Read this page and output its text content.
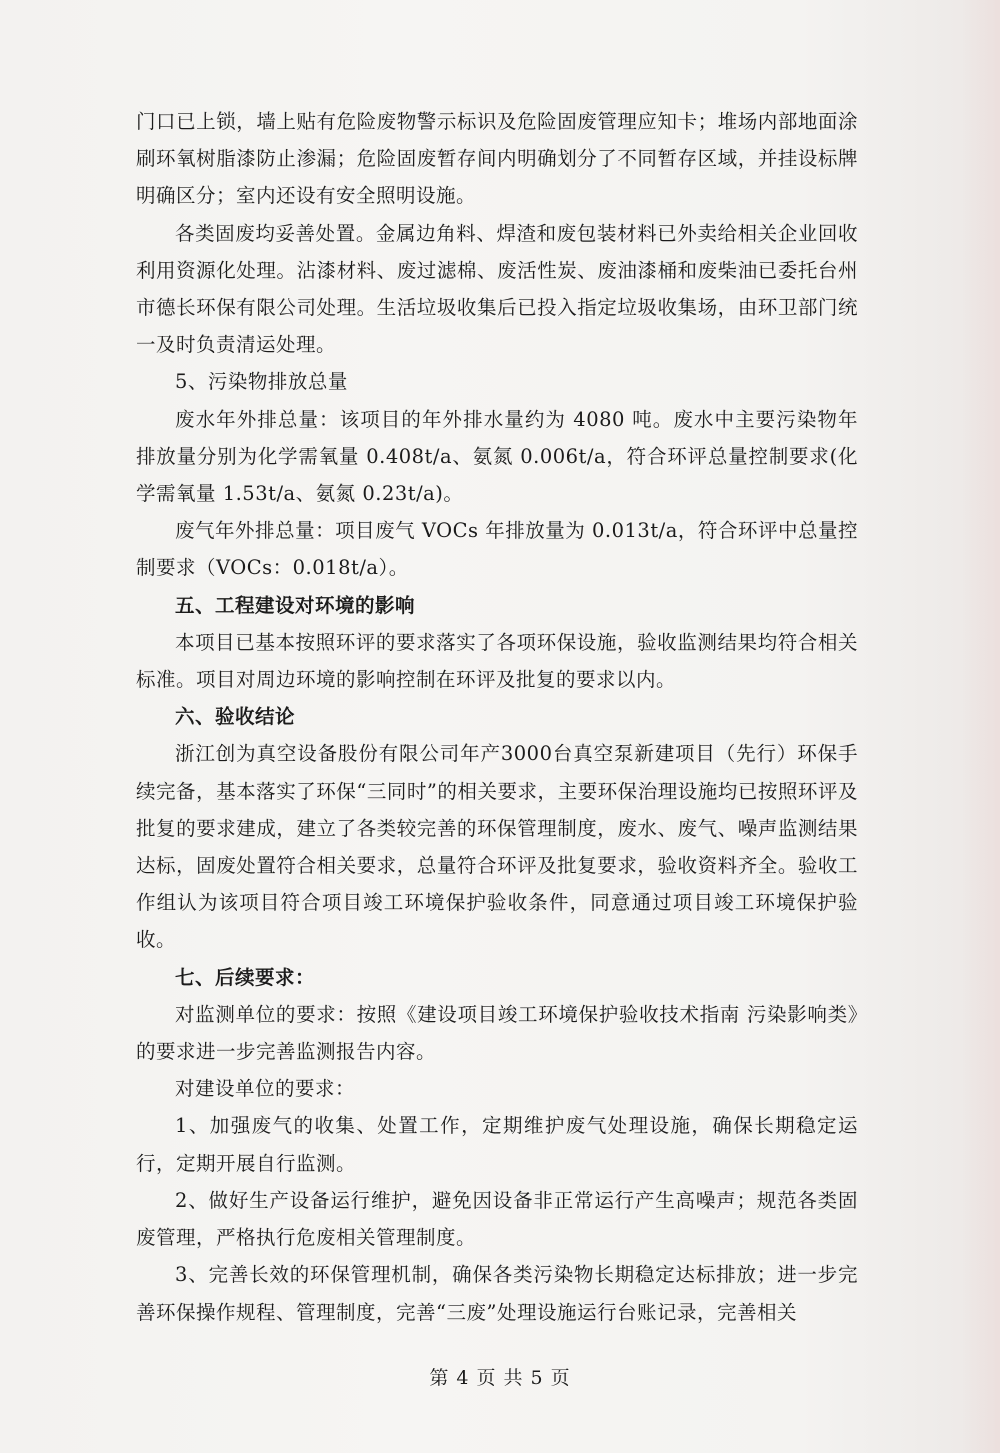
门口已上锁，墙上贴有危险废物警示标识及危险固废管理应知卡；堆场内部地面涂刷环氧树脂漆防止渗漏；危险固废暂存间内明确划分了不同暂存区域，并挂设标牌明确区分；室内还设有安全照明设施。

各类固废均妥善处置。金属边角料、焊渣和废包装材料已外卖给相关企业回收利用资源化处理。沾漆材料、废过滤棉、废活性炭、废油漆桶和废柴油已委托台州市德长环保有限公司处理。生活垃圾收集后已投入指定垃圾收集场，由环卫部门统一及时负责清运处理。

5、污染物排放总量

废水年外排总量：该项目的年外排水量约为 4080 吨。废水中主要污染物年排放量分别为化学需氧量 0.408t/a、氨氮 0.006t/a，符合环评总量控制要求(化学需氧量 1.53t/a、氨氮 0.23t/a)。

废气年外排总量：项目废气 VOCs 年排放量为 0.013t/a，符合环评中总量控制要求（VOCs：0.018t/a）。

五、工程建设对环境的影响

本项目已基本按照环评的要求落实了各项环保设施，验收监测结果均符合相关标准。项目对周边环境的影响控制在环评及批复的要求以内。

六、验收结论

浙江创为真空设备股份有限公司年产3000台真空泵新建项目（先行）环保手续完备，基本落实了环保“三同时”的相关要求，主要环保治理设施均已按照环评及批复的要求建成，建立了各类较完善的环保管理制度，废水、废气、噪声监测结果达标，固废处置符合相关要求，总量符合环评及批复要求，验收资料齐全。验收工作组认为该项目符合项目竣工环境保护验收条件，同意通过项目竣工环境保护验收。

七、后续要求：

对监测单位的要求：按照《建设项目竣工环境保护验收技术指南 污染影响类》的要求进一步完善监测报告内容。

对建设单位的要求：

1、加强废气的收集、处置工作，定期维护废气处理设施，确保长期稳定运行，定期开展自行监测。

2、做好生产设备运行维护，避免因设备非正常运行产生高噪声；规范各类固废管理，严格执行危废相关管理制度。

3、完善长效的环保管理机制，确保各类污染物长期稳定达标排放；进一步完善环保操作规程、管理制度，完善“三废”处理设施运行台账记录，完善相关

第 4 页 共 5 页
